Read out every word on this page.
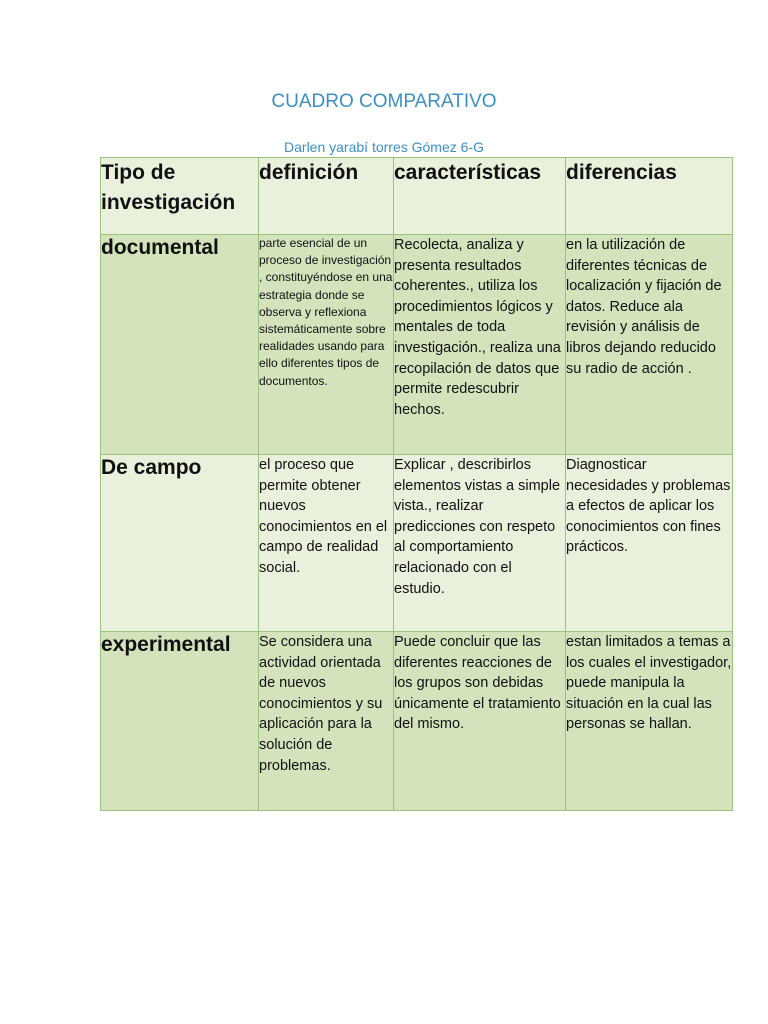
CUADRO COMPARATIVO
Darlen yarabí torres Gómez 6-G
Tipo de investigación	definición	características	diferencias
documental	parte esencial de un proceso de investigación , constituyéndose en una estrategia donde se observa y reflexiona sistemáticamente sobre realidades usando para ello diferentes tipos de documentos.	Recolecta, analiza y presenta resultados coherentes., utiliza los procedimientos lógicos y mentales de toda investigación., realiza una recopilación de datos que permite redescubrir hechos.	en la utilización de diferentes técnicas de localización y fijación de datos. Reduce ala revisión y análisis de libros dejando reducido su radio de acción .
De campo	el proceso que permite obtener nuevos conocimientos en el campo de realidad social.	Explicar , describirlos elementos vistas a simple vista., realizar predicciones con respeto al comportamiento relacionado con el estudio.	Diagnosticar necesidades y problemas a efectos de aplicar los conocimientos con fines prácticos.
experimental	Se considera una actividad orientada de nuevos conocimientos y su aplicación para la solución de problemas.	Puede concluir que las diferentes reacciones de los grupos son debidas únicamente el tratamiento del mismo.	estan limitados a temas a los cuales el investigador, puede manipula la situación en la cual las personas se hallan.
